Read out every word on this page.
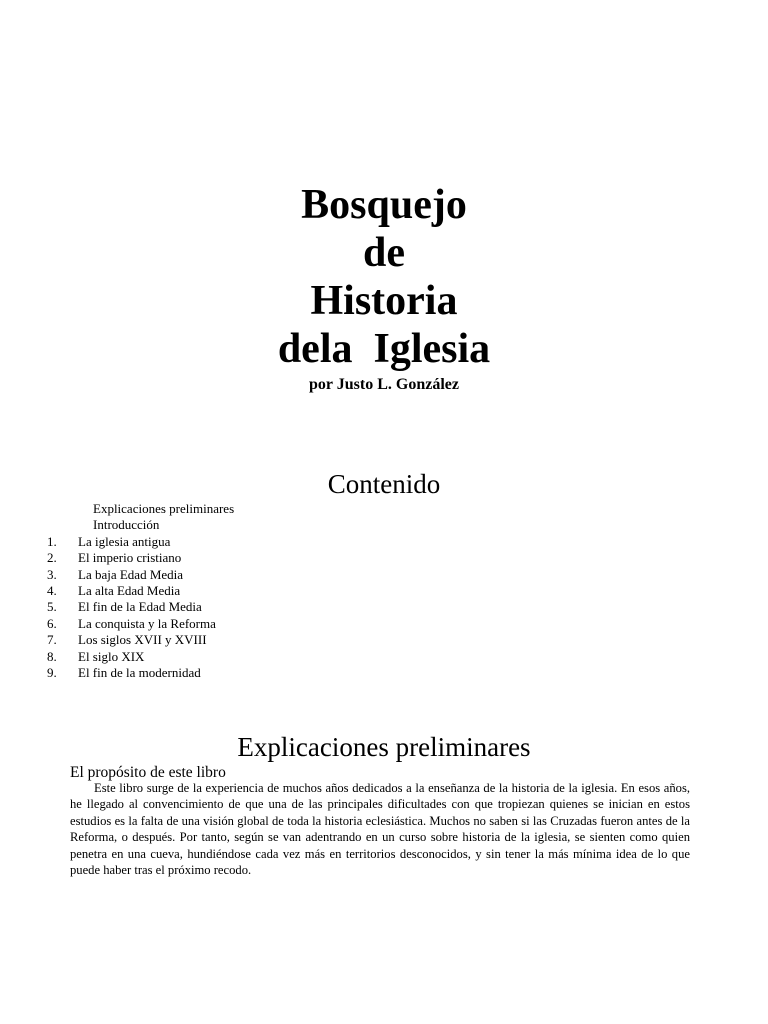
Bosquejo
de
Historia
dela  Iglesia
por Justo L. González
Contenido
Explicaciones preliminares
Introducción
1. La iglesia antigua
2. El imperio cristiano
3. La baja Edad Media
4. La alta Edad Media
5. El fin de la Edad Media
6. La conquista y la Reforma
7. Los siglos XVII y XVIII
8. El siglo XIX
9. El fin de la modernidad
Explicaciones preliminares
El propósito de este libro

Este libro surge de la experiencia de muchos años dedicados a la enseñanza de la historia de la iglesia. En esos años, he llegado al convencimiento de que una de las principales dificultades con que tropiezan quienes se inician en estos estudios es la falta de una visión global de toda la historia eclesiástica. Muchos no saben si las Cruzadas fueron antes de la Reforma, o después. Por tanto, según se van adentrando en un curso sobre historia de la iglesia, se sienten como quien penetra en una cueva, hundiéndose cada vez más en territorios desconocidos, y sin tener la más mínima idea de lo que puede haber tras el próximo recodo.
